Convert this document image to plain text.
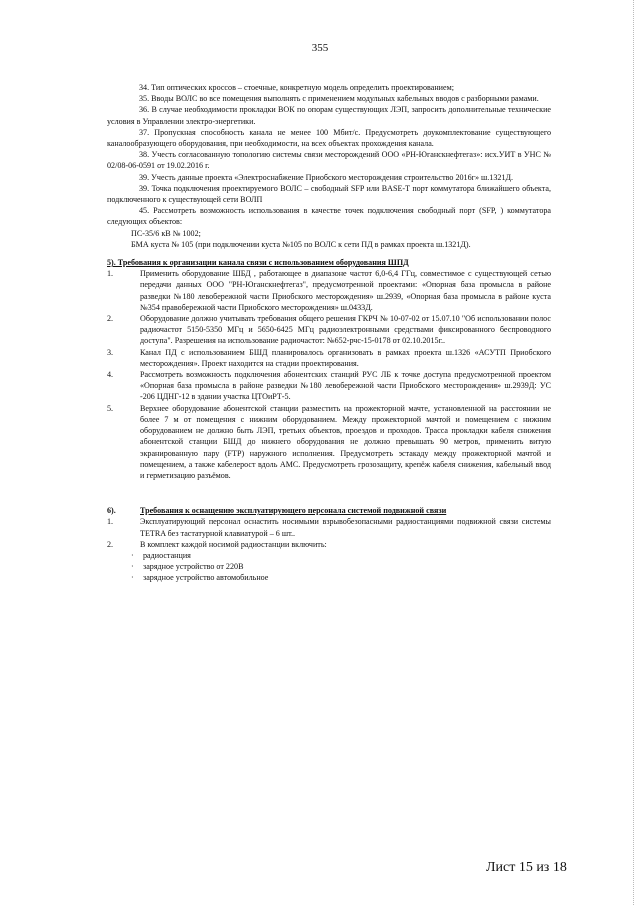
355

34. Тип оптических кроссов – стоечные, конкретную модель определить проектированием;

35. Вводы ВОЛС во все помещения выполнять с применением модульных кабельных вводов с разборными рамами.

36. В случае необходимости прокладки ВОК по опорам существующих ЛЭП, запросить дополнительные технические условия в Управлении электро-энергетики.

37. Пропускная способность канала не менее 100 Мбит/с. Предусмотреть доукомплектование существующего каналообразующего оборудования, при необходимости, на всех объектах прохождения канала.

38. Учесть согласованную топологию системы связи месторождений ООО «РН-Юганскнефтегаз»: исх.УИТ в УНС № 02/08-06-0591 от 19.02.2016 г.

39. Учесть данные проекта «Электроснабжение Приобского месторождения строительство 2016г» ш.1321Д.

39. Точка подключения проектируемого ВОЛС – свободный SFP или BASE-T порт коммутатора ближайшего объекта, подключенного к существующей сети ВОЛП

45. Рассмотреть возможность использования в качестве точек подключения свободный порт (SFP, ) коммутатора следующих объектов:

ПС-35/6 кВ № 1002;

БМА куста № 105 (при подключении куста №105 по ВОЛС к сети ПД в рамках проекта ш.1321Д).

5). Требования к организации канала связи с использованием оборудования ШПД

1.	Применить оборудование ШБД , работающее в диапазоне частот 6,0-6,4 ГГц, совместимое с существующей сетью передачи данных ООО "РН-Юганскнефтегаз", предусмотренной проектами: «Опорная база промысла в районе разведки №180 левобережной части Приобского месторождения» ш.2939, «Опорная база промысла в районе куста №354 правобережной части Приобского месторождения» ш.0433Д.
2.	Оборудование должно учитывать требования общего решения ГКРЧ № 10-07-02 от 15.07.10 "Об использовании полос радиочастот 5150-5350 МГц и 5650-6425 МГц радиоэлектронными средствами фиксированного беспроводного доступа". Разрешения на использование радиочастот: №652-рчс-15-0178 от 02.10.2015г..
3.	Канал ПД с использованием БШД планировалось организовать в рамках проекта ш.1326 «АСУТП Приобского месторождения». Проект находится на стадии проектирования.
4.	Рассмотреть возможность подключения абонентских станций РУС ЛБ к точке доступа предусмотренной проектом «Опорная база промысла в районе разведки №180 левобережной части Приобского месторождения» ш.2939Д: УС -206 ЦДНГ-12 в здании участка ЦТОиРТ-5.
5.	Верхнее оборудование абонентской станции разместить на прожекторной мачте, установленной на расстоянии не более 7 м от помещения с нижним оборудованием. Между прожекторной мачтой и помещением с нижним оборудованием не должно быть ЛЭП, третьих объектов, проездов и проходов. Трасса прокладки кабеля снижения абонентской станции БШД до нижнего оборудования не должно превышать 90 метров, применить витую экранированную пару (FTP) наружного исполнения. Предусмотреть эстакаду между прожекторной мачтой и помещением, а также кабелеpост вдоль АМС. Предусмотреть грозозащиту, крепёж кабеля снижения, кабельный ввод и герметизацию разъёмов.
6).	Требования к оснащению эксплуатирующего персонала системой подвижной связи
1.	Эксплуатирующий персонал оснастить носимыми взрывобезопасными радиостанциями подвижной связи системы TETRA без тастатурной клавиатурой – 6 шт..
2.	В комплект каждой носимой радиостанции включить:
· радиостанция
· зарядное устройство от 220В
· зарядное устройство автомобильное
Лист 15 из 18
